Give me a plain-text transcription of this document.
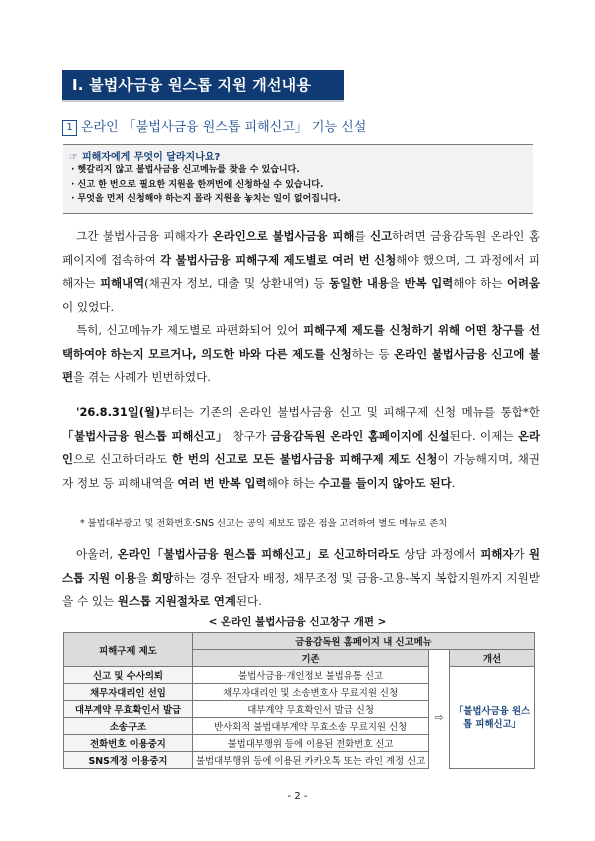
Ⅰ. 불법사금융 원스톱 지원 개선내용
1 온라인 「불법사금융 원스톱 피해신고」 기능 신설
☞ 피해자에게 무엇이 달라지나요?
· 헷갈리지 않고 불법사금융 신고메뉴를 찾을 수 있습니다.
· 신고 한 번으로 필요한 지원을 한꺼번에 신청하실 수 있습니다.
· 무엇을 먼저 신청해야 하는지 몰라 지원을 놓치는 일이 없어집니다.

그간 불법사금융 피해자가 온라인으로 불법사금융 피해를 신고하려면 금융감독원 온라인 홈페이지에 접속하여 각 불법사금융 피해구제 제도별로 여러 번 신청해야 했으며, 그 과정에서 피해자는 피해내역(채권자 정보, 대출 및 상환내역) 등 동일한 내용을 반복 입력해야 하는 어려움이 있었다.

특히, 신고메뉴가 제도별로 파편화되어 있어 피해구제 제도를 신청하기 위해 어떤 창구를 선택하여야 하는지 모르거나, 의도한 바와 다른 제도를 신청하는 등 온라인 불법사금융 신고에 불편을 겪는 사례가 빈번하였다.

'26.8.31일(월)부터는 기존의 온라인 불법사금융 신고 및 피해구제 신청 메뉴를 통합*한 「불법사금융 원스톱 피해신고」 창구가 금융감독원 온라인 홈페이지에 신설된다. 이제는 온라인으로 신고하더라도 한 번의 신고로 모든 불법사금융 피해구제 제도 신청이 가능해지며, 채권자 정보 등 피해내역을 여러 번 반복 입력해야 하는 수고를 들이지 않아도 된다.

* 불법대부광고 및 전화번호·SNS 신고는 공익 제보도 많은 점을 고려하여 별도 메뉴로 존치

아울러, 온라인「불법사금융 원스톱 피해신고」로 신고하더라도 상담 과정에서 피해자가 원스톱 지원 이용을 희망하는 경우 전담자 배정, 채무조정 및 금융-고용-복지 복합지원까지 지원받을 수 있는 원스톱 지원절차로 연계된다.

< 온라인 불법사금융 신고창구 개편 >
피해구제 제도	금융감독원 홈페이지 내 신고메뉴		
	기존		개선
신고 및 수사의뢰	불법사금융·개인정보 불법유통 신고	⇨	「불법사금융 원스톱 피해신고」
채무자대리인 선임	채무자대리인 및 소송변호사 무료지원 신청		
대부계약 무효확인서 발급	대부계약 무효확인서 발급 신청		
소송구조	반사회적 불법대부계약 무효소송 무료지원 신청		
전화번호 이용중지	불법대부행위 등에 이용된 전화번호 신고		
SNS계정 이용중지	불법대부행위 등에 이용된 카카오톡 또는 라인 계정 신고		
- 2 -
